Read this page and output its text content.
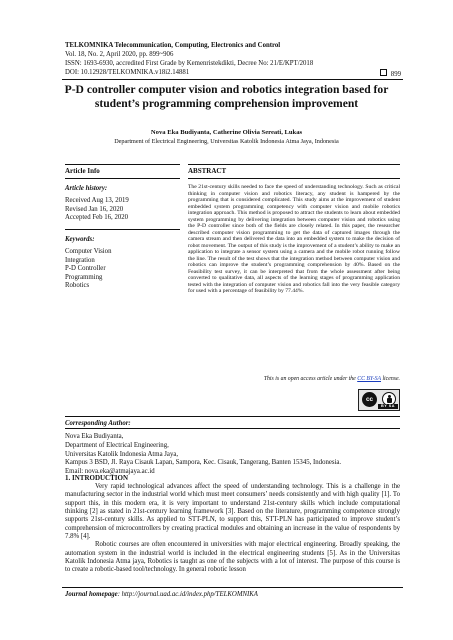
TELKOMNIKA Telecommunication, Computing, Electronics and Control
Vol. 18, No. 2, April 2020, pp. 899~906
ISSN: 1693-6930, accredited First Grade by Kemenristekdikti, Decree No: 21/E/KPT/2018
DOI: 10.12928/TELKOMNIKA.v18i2.14881	899
P-D controller computer vision and robotics integration based for student’s programming comprehension improvement
Nova Eka Budiyanta, Catherine Olivia Sereati, Lukas
Department of Electrical Engineering, Universitas Katolik Indonesia Atma Jaya, Indonesia
Article Info	ABSTRACT
Article history:
Received Aug 13, 2019
Revised Jan 16, 2020
Accepted Feb 16, 2020
Keywords:
Computer Vision
Integration
P-D Controller
Programming
Robotics
The 21st-century skills needed to face the speed of understanding technology. Such as critical thinking in computer vision and robotics literacy, any student is hampered by the programming that is considered complicated. This study aims at the improvement of student embedded system programming competency with computer vision and mobile robotics integration approach. This method is proposed to attract the students to learn about embedded system programming by delivering integration between computer vision and robotics using the P-D controller since both of the fields are closely related. In this paper, the researcher described computer vision programming to get the data of captured images through the camera stream and then delivered the data into an embedded system to make the decision of robot movement. The output of this study is the improvement of a student’s ability to make an application to integrate a sensor system using a camera and the mobile robot running follow the line. The result of the test shows that the integration method between computer vision and robotics can improve the student’s programming comprehension by 40%. Based on the Feasibility test survey, it can be interpreted that from the whole assessment after being converted to qualitative data, all aspects of the learning stages of programming application tested with the integration of computer vision and robotics fall into the very feasible category for used with a percentage of feasibility by 77.44%.
This is an open access article under the CC BY-SA license.
cc
BY SA
Corresponding Author:
Nova Eka Budiyanta,
Department of Electrical Engineering,
Universitas Katolik Indonesia Atma Jaya,
Kampus 3 BSD, Jl. Raya Cisauk Lapan, Sampora, Kec. Cisauk, Tangerang, Banten 15345, Indonesia.
Email: nova.eka@atmajaya.ac.id
1. INTRODUCTION

Very rapid technological advances affect the speed of understanding technology. This is a challenge in the manufacturing sector in the industrial world which must meet consumers’ needs consistently and with high quality [1]. To support this, in this modern era, it is very important to understand 21st-century skills which include computational thinking [2] as stated in 21st-century learning framework [3]. Based on the literature, programming competence strongly supports 21st-century skills. As applied to STT-PLN, to support this, STT-PLN has participated to improve student’s comprehension of microcontrollers by creating practical modules and obtaining an increase in the value of respondents by 7.8% [4].

Robotic courses are often encountered in universities with major electrical engineering. Broadly speaking, the automation system in the industrial world is included in the electrical engineering students [5]. As in the Universitas Katolik Indonesia Atma jaya, Robotics is taught as one of the subjects with a lot of interest. The purpose of this course is to create a robotic-based tool/technology. In general robotic lesson

Journal homepage: http://journal.uad.ac.id/index.php/TELKOMNIKA
